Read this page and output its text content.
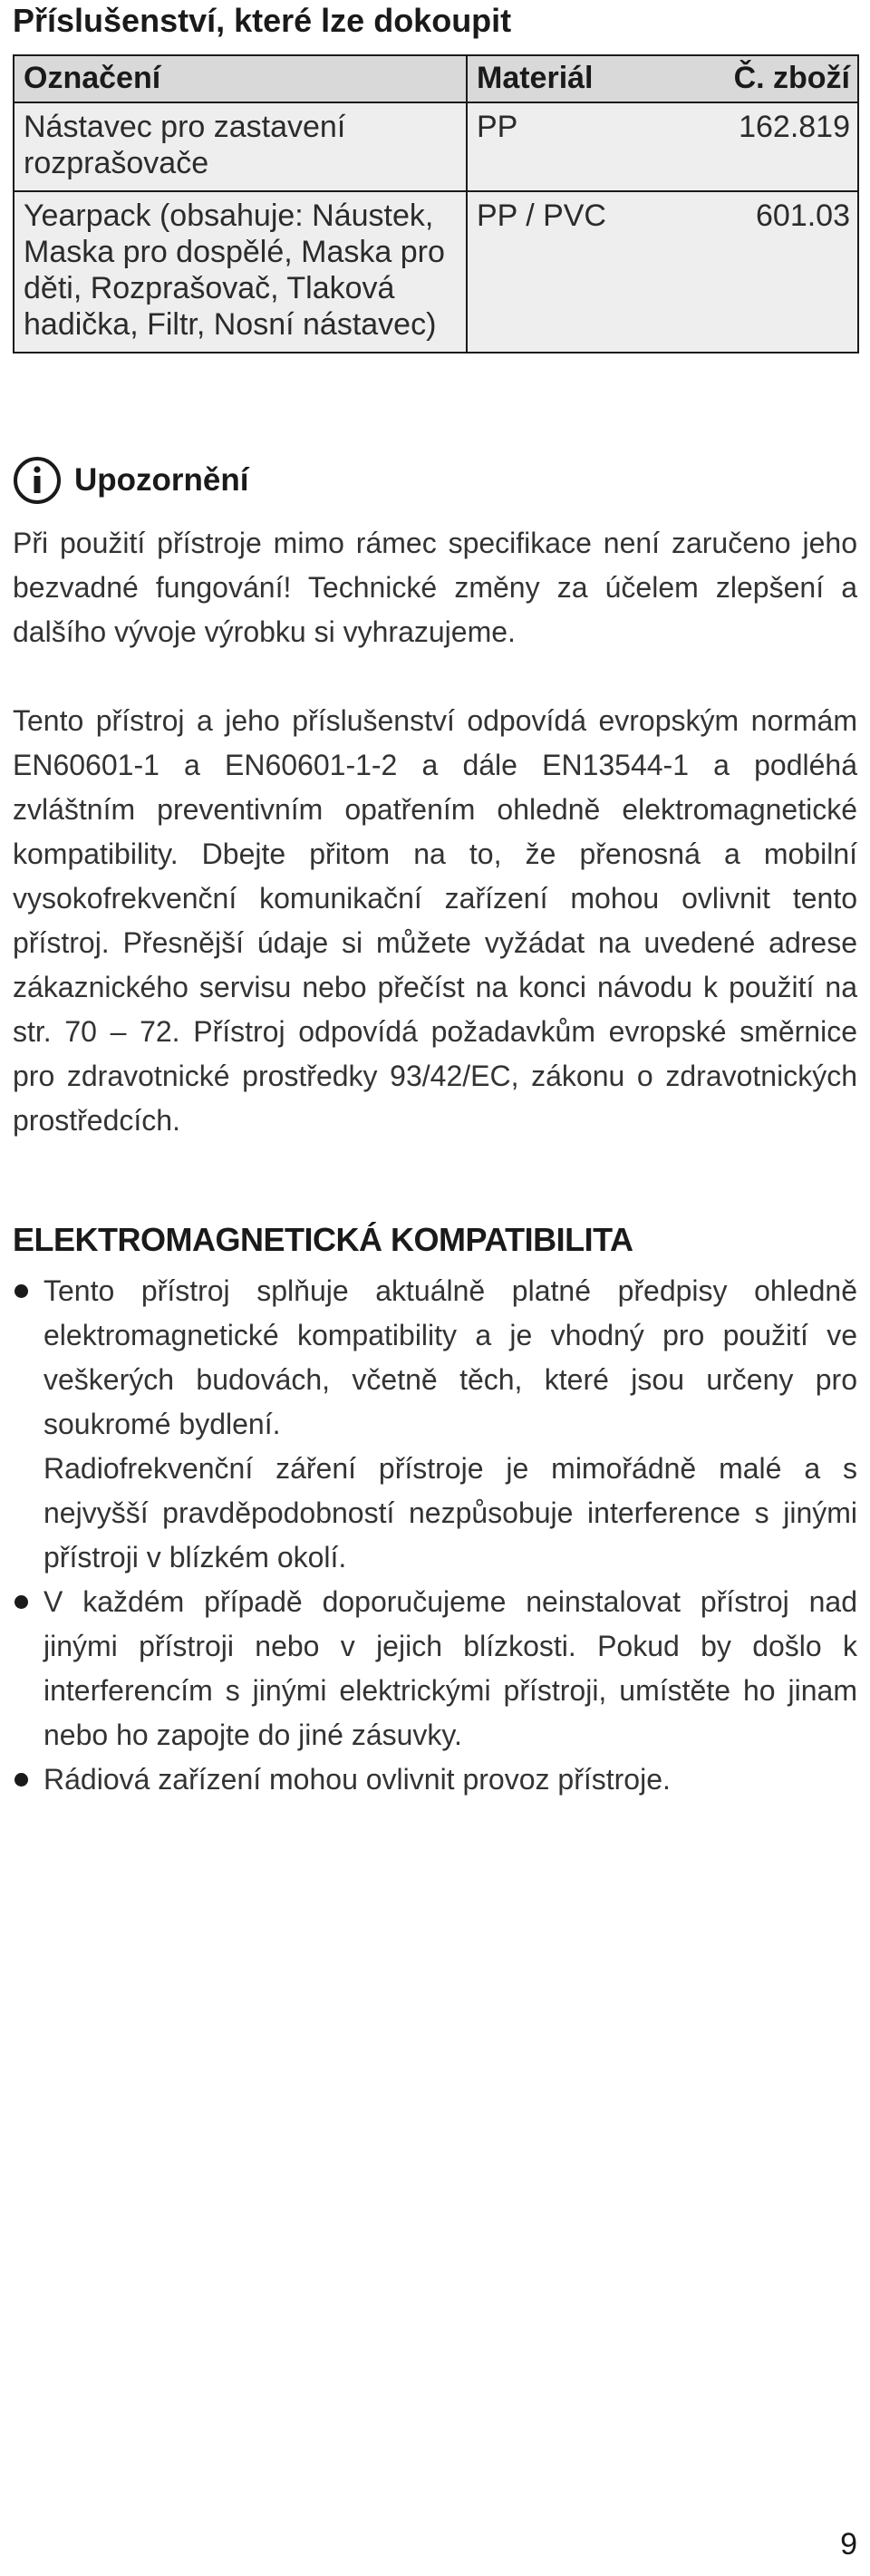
Příslušenství, které lze dokoupit
Označení	Materiál	Č. zboží
Nástavec pro zastavení rozprašovače	PP	162.819
Yearpack (obsahuje: Náustek, Maska pro dospělé, Maska pro děti, Rozprašovač, Tlaková hadička, Filtr, Nosní nástavec)	PP / PVC	601.03
Upozornění

Při použití přístroje mimo rámec specifikace není zaručeno jeho bezvadné fungování! Technické změny za účelem zlepšení a dalšího vývoje výrobku si vyhrazujeme.

Tento přístroj a jeho příslušenství odpovídá evropským normám EN60601-1 a EN60601-1-2 a dále EN13544-1 a podléhá zvláštním preventivním opatřením ohledně elektromagnetické kompatibility. Dbejte přitom na to, že přenosná a mobilní vysokofrekvenční komunikační zařízení mohou ovlivnit tento přístroj. Přesnější údaje si můžete vyžádat na uvedené adrese zákaznického servisu nebo přečíst na konci návodu k použití na str. 70 – 72. Přístroj odpovídá požadavkům evropské směrnice pro zdravotnické prostředky 93/42/EC, zákonu o zdravotnických prostředcích.

ELEKTROMAGNETICKÁ KOMPATIBILITA

Tento přístroj splňuje aktuálně platné předpisy ohledně elektromagnetické kompatibility a je vhodný pro použití ve veškerých budovách, včetně těch, které jsou určeny pro soukromé bydlení.

Radiofrekvenční záření přístroje je mimořádně malé a s nejvyšší pravděpodobností nezpůsobuje interference s jinými přístroji v blízkém okolí.

V každém případě doporučujeme neinstalovat přístroj nad jinými přístroji nebo v jejich blízkosti. Pokud by došlo k interferencím s jinými elektrickými přístroji, umístěte ho jinam nebo ho zapojte do jiné zásuvky.

Rádiová zařízení mohou ovlivnit provoz přístroje.

9
